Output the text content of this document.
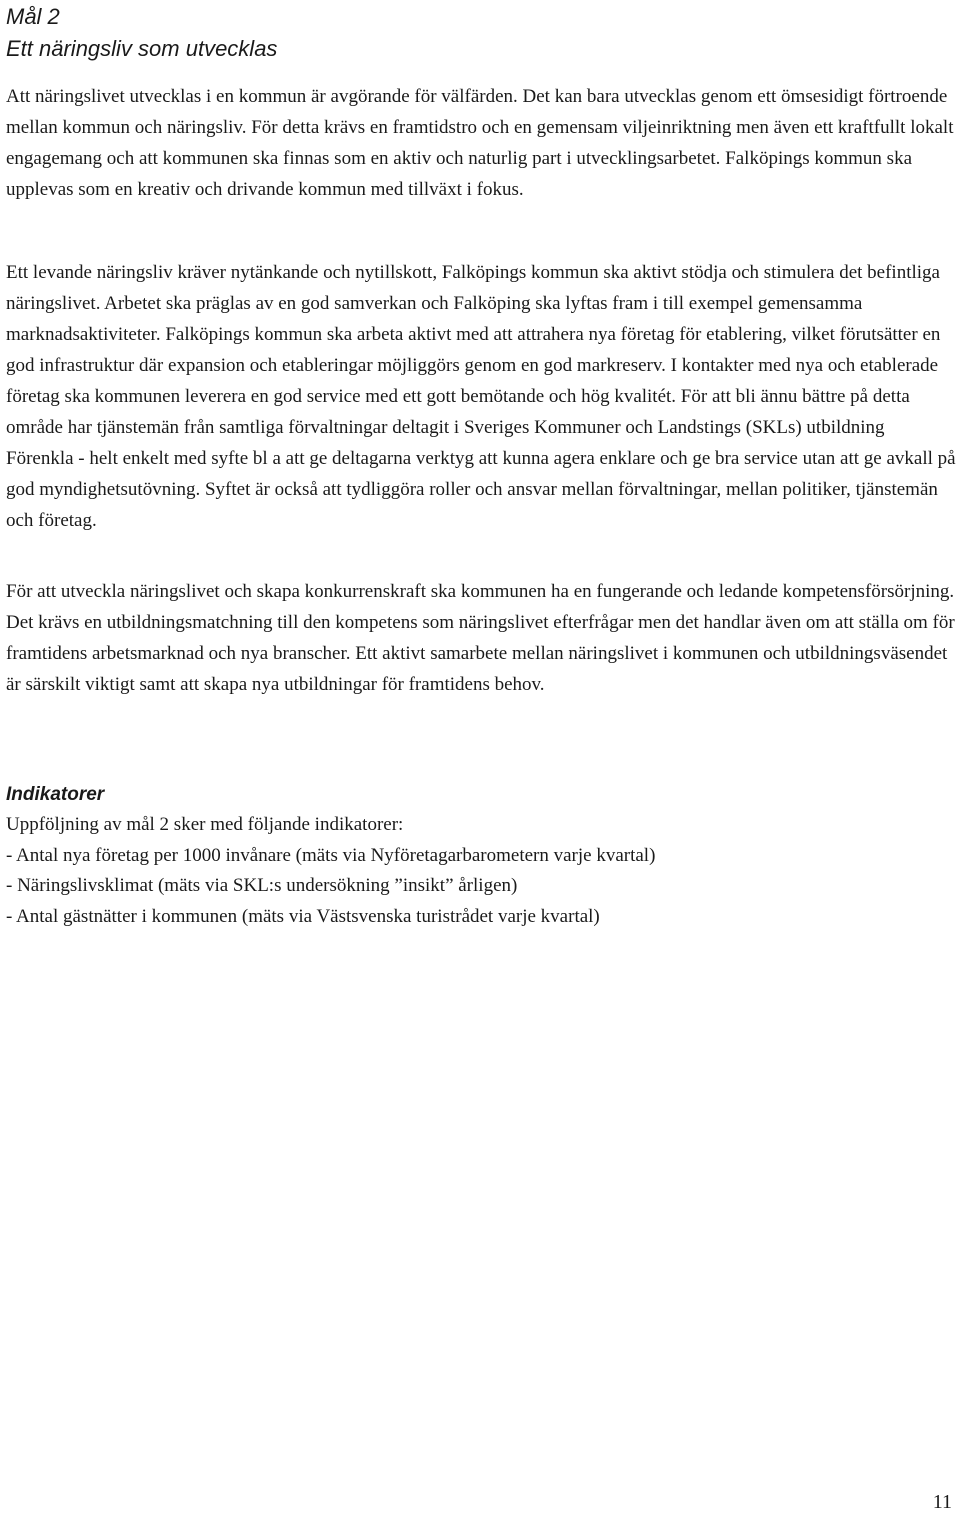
Mål 2
Ett näringsliv som utvecklas

Att näringslivet utvecklas i en kommun är avgörande för välfärden. Det kan bara utvecklas genom ett ömsesidigt förtroende mellan kommun och näringsliv. För detta krävs en framtidstro och en gemensam viljeinriktning men även ett kraftfullt lokalt engagemang och att kommunen ska finnas som en aktiv och naturlig part i utvecklingsarbetet. Falköpings kommun ska upplevas som en kreativ och drivande kommun med tillväxt i fokus.

Ett levande näringsliv kräver nytänkande och nytillskott, Falköpings kommun ska aktivt stödja och stimulera det befintliga näringslivet. Arbetet ska präglas av en god samverkan och Falköping ska lyftas fram i till exempel gemensamma marknadsaktiviteter. Falköpings kommun ska arbeta aktivt med att attrahera nya företag för etablering, vilket förutsätter en god infrastruktur där expansion och etableringar möjliggörs genom en god markreserv. I kontakter med nya och etablerade företag ska kommunen leverera en god service med ett gott bemötande och hög kvalitét. För att bli ännu bättre på detta område har tjänstemän från samtliga förvaltningar deltagit i Sveriges Kommuner och Landstings (SKLs) utbildning Förenkla - helt enkelt med syfte bl a att ge deltagarna verktyg att kunna agera enklare och ge bra service utan att ge avkall på god myndighetsutövning. Syftet är också att tydliggöra roller och ansvar mellan förvaltningar, mellan politiker, tjänstemän och företag.

För att utveckla näringslivet och skapa konkurrenskraft ska kommunen ha en fungerande och ledande kompetensförsörjning. Det krävs en utbildningsmatchning till den kompetens som näringslivet efterfrågar men det handlar även om att ställa om för framtidens arbetsmarknad och nya branscher. Ett aktivt samarbete mellan näringslivet i kommunen och utbildningsväsendet är särskilt viktigt samt att skapa nya utbildningar för framtidens behov.

Indikatorer
Uppföljning av mål 2 sker med följande indikatorer:
- Antal nya företag per 1000 invånare (mäts via Nyföretagarbarometern varje kvartal)
- Näringslivsklimat (mäts via SKL:s undersökning ”insikt” årligen)
- Antal gästnätter i kommunen (mäts via Västsvenska turistrådet varje kvartal)
11
